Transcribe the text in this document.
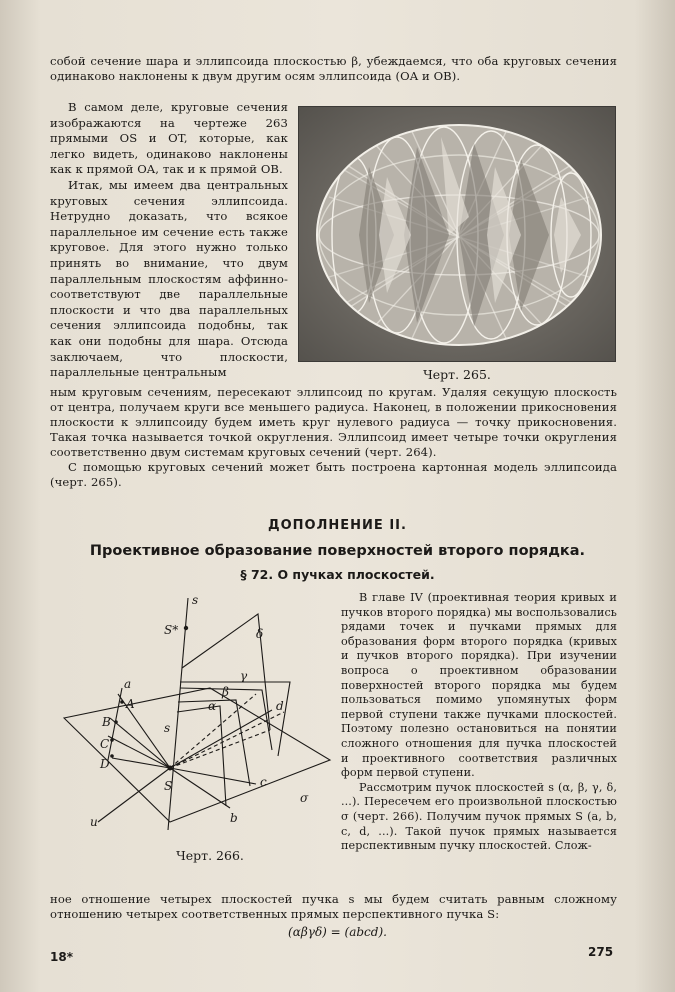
собой сечение шара и эллипсоида плоскостью β, убеждаемся, что оба круговых сечения одинаково наклонены к двум другим осям эллипсоида (OA и OB).

В самом деле, круговые сечения изображаются на чертеже 263 прямыми OS и OT, которые, как легко видеть, одинаково наклонены как к прямой OA, так и к прямой OB.

Итак, мы имеем два центральных круговых сечения эллипсоида. Нетрудно доказать, что всякое параллельное им сечение есть также круговое. Для этого нужно только принять во внимание, что двум параллельным плоскостям аффинно-соответствуют две параллельные плоскости и что два параллельных сечения эллипсоида подобны, так как они подобны для шара. Отсюда заключаем, что плоскости, параллельные центральным	Черт. 265.

ным круговым сечениям, пересекают эллипсоид по кругам. Удаляя секущую плоскость от центра, получаем круги все меньшего радиуса. Наконец, в положении прикосновения плоскости к эллипсоиду будем иметь круг нулевого радиуса — точку прикосновения. Такая точка называется точкой округления. Эллипсоид имеет четыре точки округления соответственно двум системам круговых сечений (черт. 264).

С помощью круговых сечений может быть построена картонная модель эллипсоида (черт. 265).

ДОПОЛНЕНИЕ II.
Проективное образование поверхностей второго порядка.
§ 72. О пучках плоскостей.
s
S*	δ
γ
β
α
s
A
B
C
D
S
a
b
c
d
σ
u
Черт. 266.

В главе IV (проективная теория кривых и пучков второго порядка) мы воспользовались рядами точек и пучками прямых для образования форм второго порядка (кривых и пучков второго порядка). При изучении вопроса о проективном образовании поверхностей второго порядка мы будем пользоваться помимо упомянутых форм первой ступени также пучками плоскостей. Поэтому полезно остановиться на понятии сложного отношения для пучка плоскостей и проективного соответствия различных форм первой ступени.

Рассмотрим пучок плоскостей s (α, β, γ, δ, ...). Пересечем его произвольной плоскостью σ (черт. 266). Получим пучок прямых S (a, b, c, d, ...). Такой пучок прямых называется перспективным пучку плоскостей. Слож-

ное отношение четырех плоскостей пучка s мы будем считать равным сложному отношению четырех соответственных прямых перспективного пучка S:

(αβγδ) = (abcd).
18*	275
